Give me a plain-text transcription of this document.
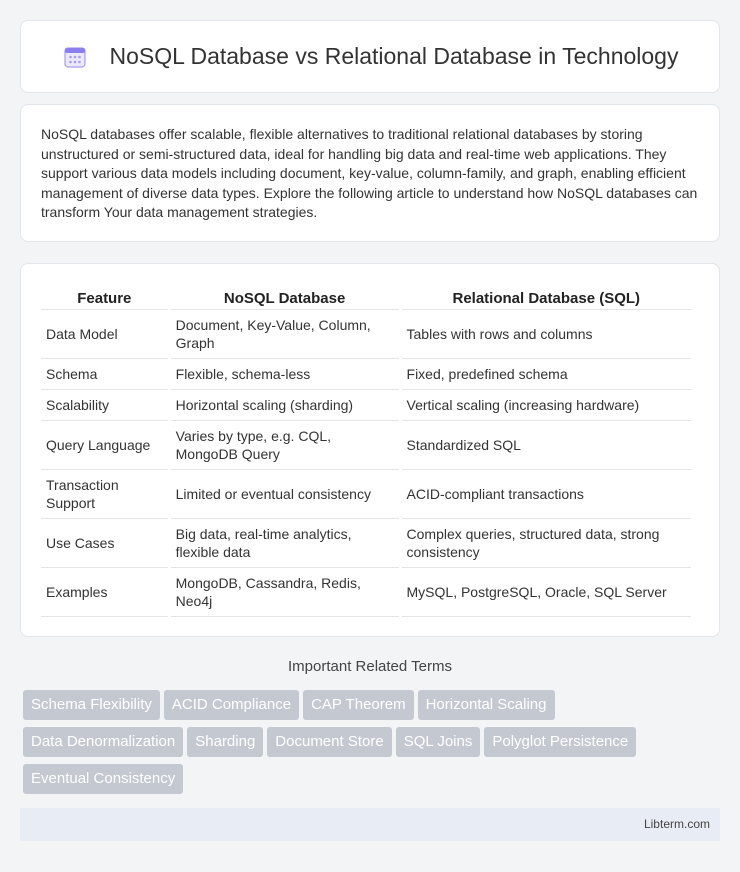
NoSQL Database vs Relational Database in Technology

NoSQL databases offer scalable, flexible alternatives to traditional relational databases by storing unstructured or semi-structured data, ideal for handling big data and real-time web applications. They support various data models including document, key-value, column-family, and graph, enabling efficient management of diverse data types. Explore the following article to understand how NoSQL databases can transform Your data management strategies.

Feature	NoSQL Database	Relational Database (SQL)
Data Model	Document, Key-Value, Column, Graph	Tables with rows and columns
Schema	Flexible, schema-less	Fixed, predefined schema
Scalability	Horizontal scaling (sharding)	Vertical scaling (increasing hardware)
Query Language	Varies by type, e.g. CQL, MongoDB Query	Standardized SQL
Transaction Support	Limited or eventual consistency	ACID-compliant transactions
Use Cases	Big data, real-time analytics, flexible data	Complex queries, structured data, strong consistency
Examples	MongoDB, Cassandra, Redis, Neo4j	MySQL, PostgreSQL, Oracle, SQL Server
Important Related Terms
Schema Flexibility ACID Compliance CAP Theorem Horizontal Scaling
Data Denormalization Sharding Document Store SQL Joins Polyglot Persistence
Eventual Consistency
Libterm.com
